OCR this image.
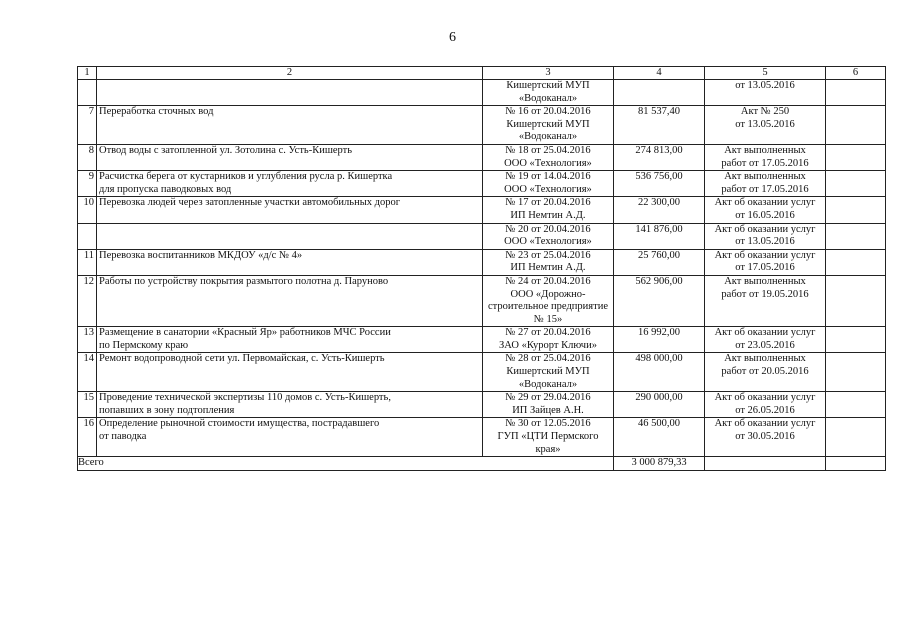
6
1	2	3	4	5	6

		Кишертский МУП
«Водоканал»		от 13.05.2016	

7	Переработка сточных вод	№ 16 от 20.04.2016
Кишертский МУП
«Водоканал»	81 537,40	Акт № 250
от 13.05.2016	

8	Отвод воды с затопленной ул. Зотолина с. Усть-Кишерть	№ 18 от 25.04.2016
ООО «Технология»	274 813,00	Акт выполненных
работ от 17.05.2016	

9	Расчистка берега от кустарников и углубления русла р. Кишертка
для пропуска паводковых вод	№ 19 от 14.04.2016
ООО «Технология»	536 756,00	Акт выполненных
работ от 17.05.2016	

10	Перевозка людей через затопленные участки автомобильных дорог	№ 17 от 20.04.2016
ИП Немтин А.Д.	22 300,00	Акт об оказании услуг
от 16.05.2016	

		№ 20 от 20.04.2016
ООО «Технология»	141 876,00	Акт об оказании услуг
от 13.05.2016	

11	Перевозка воспитанников МКДОУ «д/с № 4»	№ 23 от 25.04.2016
ИП Немтин А.Д.	25 760,00	Акт об оказании услуг
от 17.05.2016	

12	Работы по устройству покрытия размытого полотна д. Паруново	№ 24 от 20.04.2016
ООО «Дорожно-
строительное предприятие
№ 15»	562 906,00	Акт выполненных
работ от 19.05.2016	

13	Размещение в санатории «Красный Яр» работников МЧС России
по Пермскому краю	№ 27 от 20.04.2016
ЗАО «Курорт Ключи»	16 992,00	Акт об оказании услуг
от 23.05.2016	

14	Ремонт водопроводной сети ул. Первомайская, с. Усть-Кишерть	№ 28 от 25.04.2016
Кишертский МУП
«Водоканал»	498 000,00	Акт выполненных
работ от 20.05.2016	

15	Проведение технической экспертизы 110 домов с. Усть-Кишерть,
попавших в зону подтопления	№ 29 от 29.04.2016
ИП Зайцев А.Н.	290 000,00	Акт об оказании услуг
от 26.05.2016	

16	Определение рыночной стоимости имущества, пострадавшего
от паводка	№ 30 от 12.05.2016
ГУП «ЦТИ Пермского
края»	46 500,00	Акт об оказании услуг
от 30.05.2016	

Всего			3 000 879,33		
